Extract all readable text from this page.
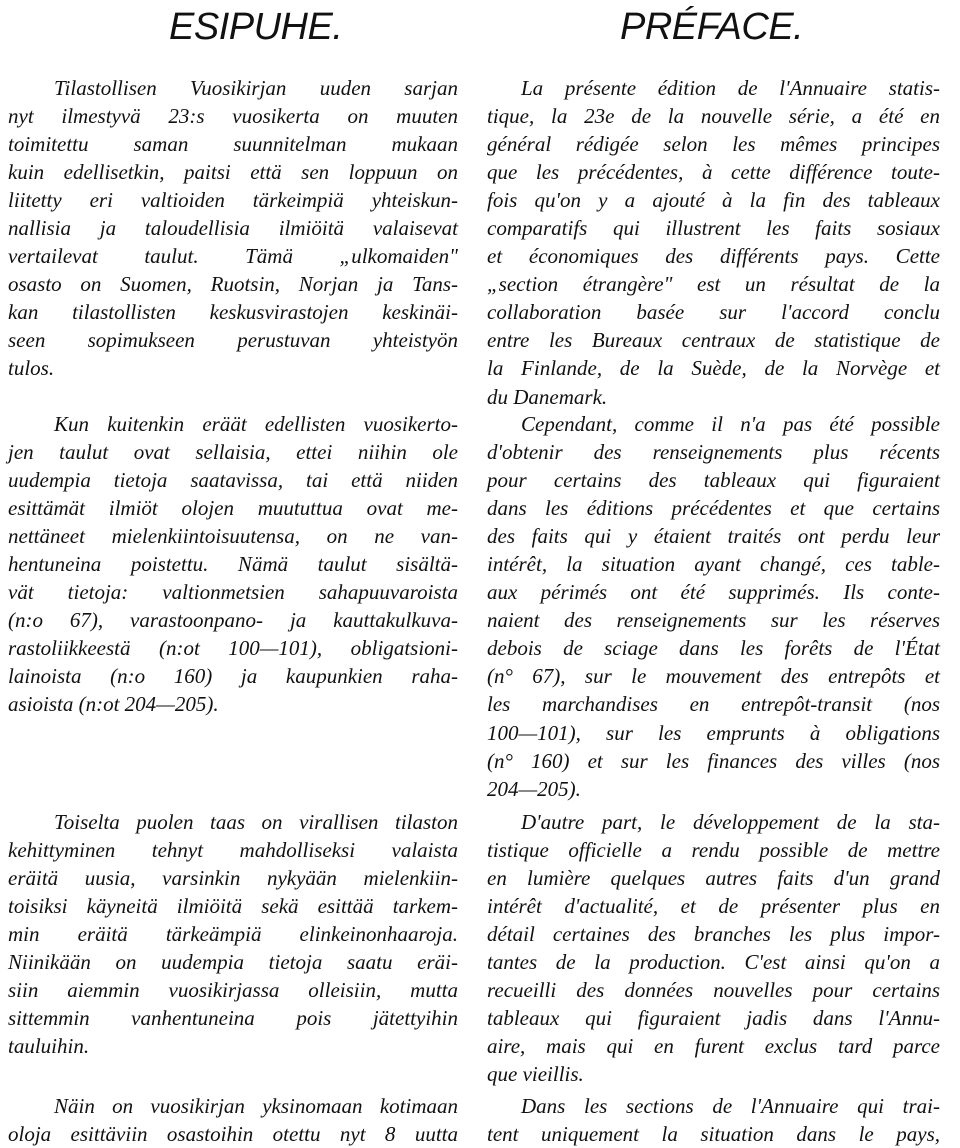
ESIPUHE.
Tilastollisen Vuosikirjan uuden sarjan
nyt ilmestyvä 23:s vuosikerta on muuten
toimitettu saman suunnitelman mukaan
kuin edellisetkin, paitsi että sen loppuun on
liitetty eri valtioiden tärkeimpiä yhteiskun-
nallisia ja taloudellisia ilmiöitä valaisevat
vertailevat taulut. Tämä „ulkomaiden"
osasto on Suomen, Ruotsin, Norjan ja Tans-
kan tilastollisten keskusvirastojen keskinäi-
seen sopimukseen perustuvan yhteistyön
tulos.
Kun kuitenkin eräät edellisten vuosikerto-
jen taulut ovat sellaisia, ettei niihin ole
uudempia tietoja saatavissa, tai että niiden
esittämät ilmiöt olojen muututtua ovat me-
nettäneet mielenkiintoisuutensa, on ne van-
hentuneina poistettu. Nämä taulut sisältä-
vät tietoja: valtionmetsien sahapuuvaroista
(n:o 67), varastoonpano- ja kauttakulkuva-
rastoliikkeestä (n:ot 100—101), obligatsioni-
lainoista (n:o 160) ja kaupunkien raha-
asioista (n:ot 204—205).
Toiselta puolen taas on virallisen tilaston
kehittyminen tehnyt mahdolliseksi valaista
eräitä uusia, varsinkin nykyään mielenkiin-
toisiksi käyneitä ilmiöitä sekä esittää tarkem-
min eräitä tärkeämpiä elinkeinonhaaroja.
Niinikään on uudempia tietoja saatu eräi-
siin aiemmin vuosikirjassa olleisiin, mutta
sittemmin vanhentuneina pois jätettyihin
tauluihin.
Näin on vuosikirjan yksinomaan kotimaan
oloja esittäviin osastoihin otettu nyt 8 uutta
PRÉFACE.
La présente édition de l'Annuaire statis-
tique, la 23e de la nouvelle série, a été en
général rédigée selon les mêmes principes
que les précédentes, à cette différence toute-
fois qu'on y a ajouté à la fin des tableaux
comparatifs qui illustrent les faits sosiaux
et économiques des différents pays. Cette
„section étrangère" est un résultat de la
collaboration basée sur l'accord conclu
entre les Bureaux centraux de statistique de
la Finlande, de la Suède, de la Norvège et
du Danemark.
Cependant, comme il n'a pas été possible
d'obtenir des renseignements plus récents
pour certains des tableaux qui figuraient
dans les éditions précédentes et que certains
des faits qui y étaient traités ont perdu leur
intérêt, la situation ayant changé, ces table-
aux périmés ont été supprimés. Ils conte-
naient des renseignements sur les réserves
debois de sciage dans les forêts de l'État
(n° 67), sur le mouvement des entrepôts et
les marchandises en entrepôt-transit (nos
100—101), sur les emprunts à obligations
(n° 160) et sur les finances des villes (nos
204—205).
D'autre part, le développement de la sta-
tistique officielle a rendu possible de mettre
en lumière quelques autres faits d'un grand
intérêt d'actualité, et de présenter plus en
détail certaines des branches les plus impor-
tantes de la production. C'est ainsi qu'on a
recueilli des données nouvelles pour certains
tableaux qui figuraient jadis dans l'Annu-
aire, mais qui en furent exclus tard parce
que vieillis.
Dans les sections de l'Annuaire qui trai-
tent uniquement la situation dans le pays,
